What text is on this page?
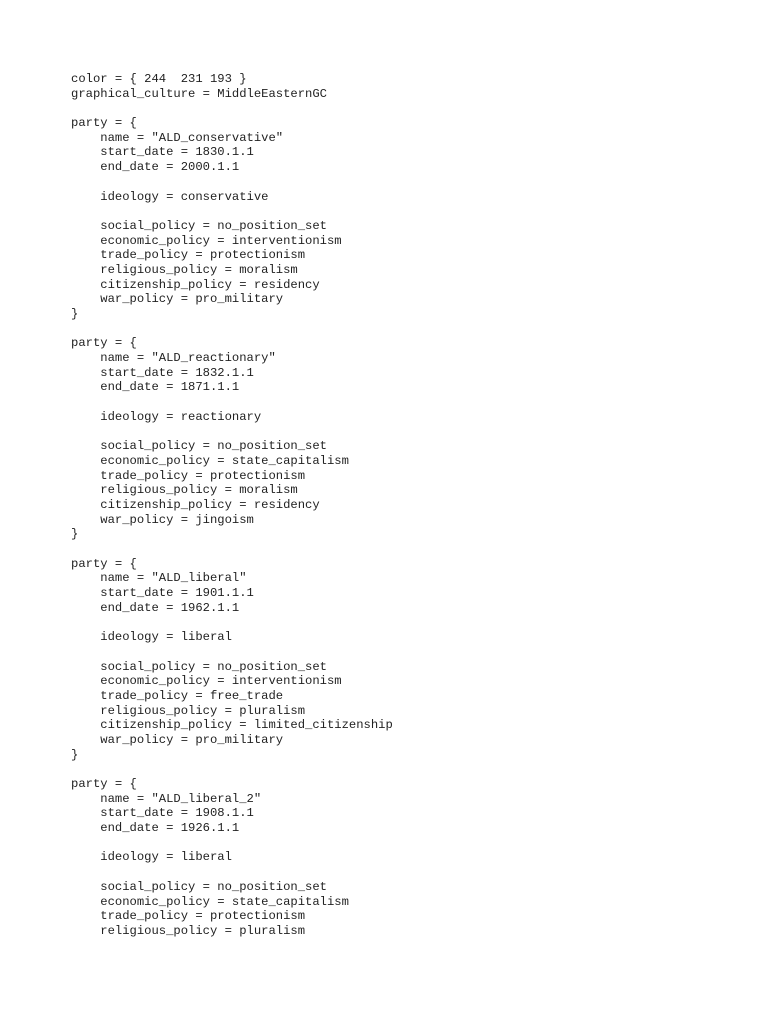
color = { 244  231 193 }
graphical_culture = MiddleEasternGC
party = {
name = "ALD_conservative"
start_date = 1830.1.1
end_date = 2000.1.1
ideology = conservative
social_policy = no_position_set
economic_policy = interventionism
trade_policy = protectionism
religious_policy = moralism
citizenship_policy = residency
war_policy = pro_military
}
party = {
name = "ALD_reactionary"
start_date = 1832.1.1
end_date = 1871.1.1
ideology = reactionary
social_policy = no_position_set
economic_policy = state_capitalism
trade_policy = protectionism
religious_policy = moralism
citizenship_policy = residency
war_policy = jingoism
}
party = {
name = "ALD_liberal"
start_date = 1901.1.1
end_date = 1962.1.1
ideology = liberal
social_policy = no_position_set
economic_policy = interventionism
trade_policy = free_trade
religious_policy = pluralism
citizenship_policy = limited_citizenship
war_policy = pro_military
}
party = {
name = "ALD_liberal_2"
start_date = 1908.1.1
end_date = 1926.1.1
ideology = liberal
social_policy = no_position_set
economic_policy = state_capitalism
trade_policy = protectionism
religious_policy = pluralism
